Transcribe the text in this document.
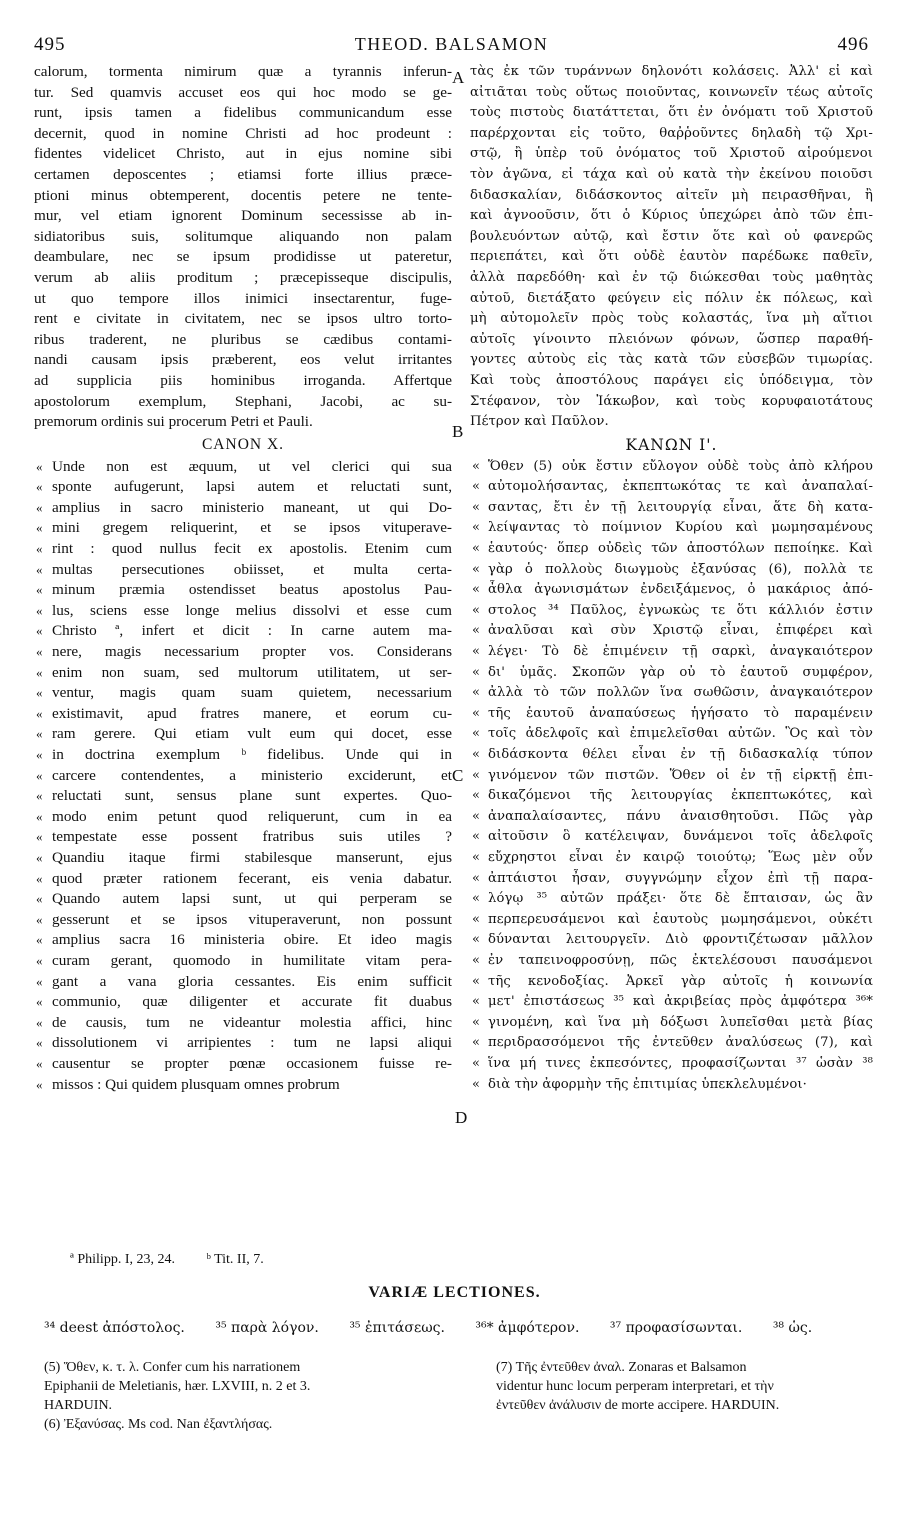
495	THEOD. BALSAMON	496
calorum, tormenta nimirum quæ a tyrannis inferun-
tur. Sed quamvis accuset eos qui hoc modo se ge-
runt, ipsis tamen a fidelibus communicandum esse
decernit, quod in nomine Christi ad hoc prodeunt :
fidentes videlicet Christo, aut in ejus nomine sibi
certamen deposcentes ; etiamsi forte illius præce-
ptioni minus obtemperent, docentis petere ne tente-
mur, vel etiam ignorent Dominum secessisse ab in-
sidiatoribus suis, solitumque aliquando non palam
deambulare, nec se ipsum prodidisse ut pateretur,
verum ab aliis proditum ; præcepisseque discipulis,
ut quo tempore illos inimici insectarentur, fuge-
rent e civitate in civitatem, nec se ipsos ultro torto-
ribus traderent, ne pluribus se cædibus contami-
nandi causam ipsis præberent, eos velut irritantes
ad supplicia piis hominibus irroganda. Affertque
apostolorum exemplum, Stephani, Jacobi, ac su-
premorum ordinis sui procerum Petri et Pauli.
CANON X.
« Unde non est æquum, ut vel clerici qui sua
« sponte aufugerunt, lapsi autem et reluctati sunt,
« amplius in sacro ministerio maneant, ut qui Do-
« mini gregem reliquerint, et se ipsos vituperave-
« rint : quod nullus fecit ex apostolis. Etenim cum
« multas persecutiones obiisset, et multa certa-
« minum præmia ostendisset beatus apostolus Pau-
« lus, sciens esse longe melius dissolvi et esse cum
« Christo ª, infert et dicit : In carne autem ma-
« nere, magis necessarium propter vos. Considerans
« enim non suam, sed multorum utilitatem, ut ser-
« ventur, magis quam suam quietem, necessarium
« existimavit, apud fratres manere, et eorum cu-
« ram gerere. Qui etiam vult eum qui docet, esse
« in doctrina exemplum ᵇ fidelibus. Unde qui in
« carcere contendentes, a ministerio exciderunt, et
« reluctati sunt, sensus plane sunt expertes. Quo-
« modo enim petunt quod reliquerunt, cum in ea
« tempestate esse possent fratribus suis utiles ?
« Quandiu itaque firmi stabilesque manserunt, ejus
« quod præter rationem fecerant, eis venia dabatur.
« Quando autem lapsi sunt, ut qui perperam se
« gesserunt et se ipsos vituperaverunt, non possunt
« amplius sacra 16 ministeria obire. Et ideo magis
« curam gerant, quomodo in humilitate vitam pera-
« gant a vana gloria cessantes. Eis enim sufficit
« communio, quæ diligenter et accurate fit duabus
« de causis, tum ne videantur molestia affici, hinc
« dissolutionem vi arripientes : tum ne lapsi aliqui
« causentur se propter pœnæ occasionem fuisse re-
« missos : Qui quidem plusquam omnes probrum
A
B
C
D
τὰς ἐκ τῶν τυράννων δηλονότι κολάσεις. Ἀλλ' εἰ καὶ
αἰτιᾶται τοὺς οὕτως ποιοῦντας, κοινωνεῖν τέως αὐτοῖς
τοὺς πιστοὺς διατάττεται, ὅτι ἐν ὀνόματι τοῦ Χριστοῦ
παρέρχονται εἰς τοῦτο, θαῤῥοῦντες δηλαδὴ τῷ Χρι-
στῷ, ἢ ὑπὲρ τοῦ ὀνόματος τοῦ Χριστοῦ αἱρούμενοι
τὸν ἀγῶνα, εἰ τάχα καὶ οὐ κατὰ τὴν ἐκείνου ποιοῦσι
διδασκαλίαν, διδάσκοντος αἰτεῖν μὴ πειρασθῆναι, ἢ
καὶ ἀγνοοῦσιν, ὅτι ὁ Κύριος ὑπεχώρει ἀπὸ τῶν ἐπι-
βουλευόντων αὐτῷ, καὶ ἔστιν ὅτε καὶ οὐ φανερῶς
περιεπάτει, καὶ ὅτι οὐδὲ ἑαυτὸν παρέδωκε παθεῖν,
ἀλλὰ παρεδόθη· καὶ ἐν τῷ διώκεσθαι τοὺς μαθητὰς
αὐτοῦ, διετάξατο φεύγειν εἰς πόλιν ἐκ πόλεως, καὶ
μὴ αὐτομολεῖν πρὸς τοὺς κολαστάς, ἵνα μὴ αἴτιοι
αὐτοῖς γίνοιντο πλειόνων φόνων, ὥσπερ παραθή-
γοντες αὐτοὺς εἰς τὰς κατὰ τῶν εὐσεβῶν τιμωρίας.
Καὶ τοὺς ἀποστόλους παράγει εἰς ὑπόδειγμα, τὸν
Στέφανον, τὸν Ἰάκωβον, καὶ τοὺς κορυφαιοτάτους
Πέτρον καὶ Παῦλον.
ΚΑΝΩΝ Ι'.
« Ὅθεν (5) οὐκ ἔστιν εὔλογον οὐδὲ τοὺς ἀπὸ κλήρου
« αὐτομολήσαντας, ἐκπεπτωκότας τε καὶ ἀναπαλαί-
« σαντας, ἔτι ἐν τῇ λειτουργίᾳ εἶναι, ἅτε δὴ κατα-
« λείψαντας τὸ ποίμνιον Κυρίου καὶ μωμησαμένους
« ἑαυτούς· ὅπερ οὐδεὶς τῶν ἀποστόλων πεποίηκε. Καὶ
« γὰρ ὁ πολλοὺς διωγμοὺς ἐξανύσας (6), πολλὰ τε
« ἆθλα ἀγωνισμάτων ἐνδειξάμενος, ὁ μακάριος ἀπό-
« στολος ³⁴ Παῦλος, ἐγνωκὼς τε ὅτι κάλλιόν ἐστιν
« ἀναλῦσαι καὶ σὺν Χριστῷ εἶναι, ἐπιφέρει καὶ
« λέγει· Τὸ δὲ ἐπιμένειν τῇ σαρκὶ, ἀναγκαιότερον
« δι' ὑμᾶς. Σκοπῶν γὰρ οὐ τὸ ἑαυτοῦ συμφέρον,
« ἀλλὰ τὸ τῶν πολλῶν ἵνα σωθῶσιν, ἀναγκαιότερον
« τῆς ἑαυτοῦ ἀναπαύσεως ἡγήσατο τὸ παραμένειν
« τοῖς ἀδελφοῖς καὶ ἐπιμελεῖσθαι αὐτῶν. Ὃς καὶ τὸν
« διδάσκοντα θέλει εἶναι ἐν τῇ διδασκαλίᾳ τύπον
« γινόμενον τῶν πιστῶν. Ὅθεν οἱ ἐν τῇ εἱρκτῇ ἐπι-
« δικαζόμενοι τῆς λειτουργίας ἐκπεπτωκότες, καὶ
« ἀναπαλαίσαντες, πάνυ ἀναισθητοῦσι. Πῶς γὰρ
« αἰτοῦσιν ὃ κατέλειψαν, δυνάμενοι τοῖς ἀδελφοῖς
« εὔχρηστοι εἶναι ἐν καιρῷ τοιούτῳ; Ἕως μὲν οὖν
« ἀπτάιστοι ἦσαν, συγγνώμην εἶχον ἐπὶ τῇ παρα-
« λόγῳ ³⁵ αὐτῶν πράξει· ὅτε δὲ ἔπταισαν, ὡς ἂν
« περπερευσάμενοι καὶ ἑαυτοὺς μωμησάμενοι, οὐκέτι
« δύνανται λειτουργεῖν. Διὸ φροντιζέτωσαν μᾶλλον
« ἐν ταπεινοφροσύνῃ, πῶς ἐκτελέσουσι παυσάμενοι
« τῆς κενοδοξίας. Ἀρκεῖ γὰρ αὐτοῖς ἡ κοινωνία
« μετ' ἐπιστάσεως ³⁵ καὶ ἀκριβείας πρὸς ἀμφότερα ³⁶*
« γινομένη, καὶ ἵνα μὴ δόξωσι λυπεῖσθαι μετὰ βίας
« περιδρασσόμενοι τῆς ἐντεῦθεν ἀναλύσεως (7), καὶ
« ἵνα μή τινες ἐκπεσόντες, προφασίζωνται ³⁷ ὡσὰν ³⁸
« διὰ τὴν ἀφορμὴν τῆς ἐπιτιμίας ὑπεκλελυμένοι·
ª Philipp. I, 23, 24. ᵇ Tit. II, 7.
VARIÆ LECTIONES.
³⁴ deest ἀπόστολος. ³⁵ παρὰ λόγον. ³⁵ ἐπιτάσεως. ³⁶* ἀμφότερον. ³⁷ προφασίσωνται. ³⁸ ὡς.
(5) Ὅθεν, κ. τ. λ. Confer cum his narrationem
Epiphanii de Meletianis, hær. LXVIII, n. 2 et 3.
HARDUIN.
(6) Ἐξανύσας. Ms cod. Nan ἐξαντλήσας.
(7) Τῆς ἐντεῦθεν ἀναλ. Zonaras et Balsamon
videntur hunc locum perperam interpretari, et τὴν
ἐντεῦθεν ἀνάλυσιν de morte accipere. HARDUIN.
